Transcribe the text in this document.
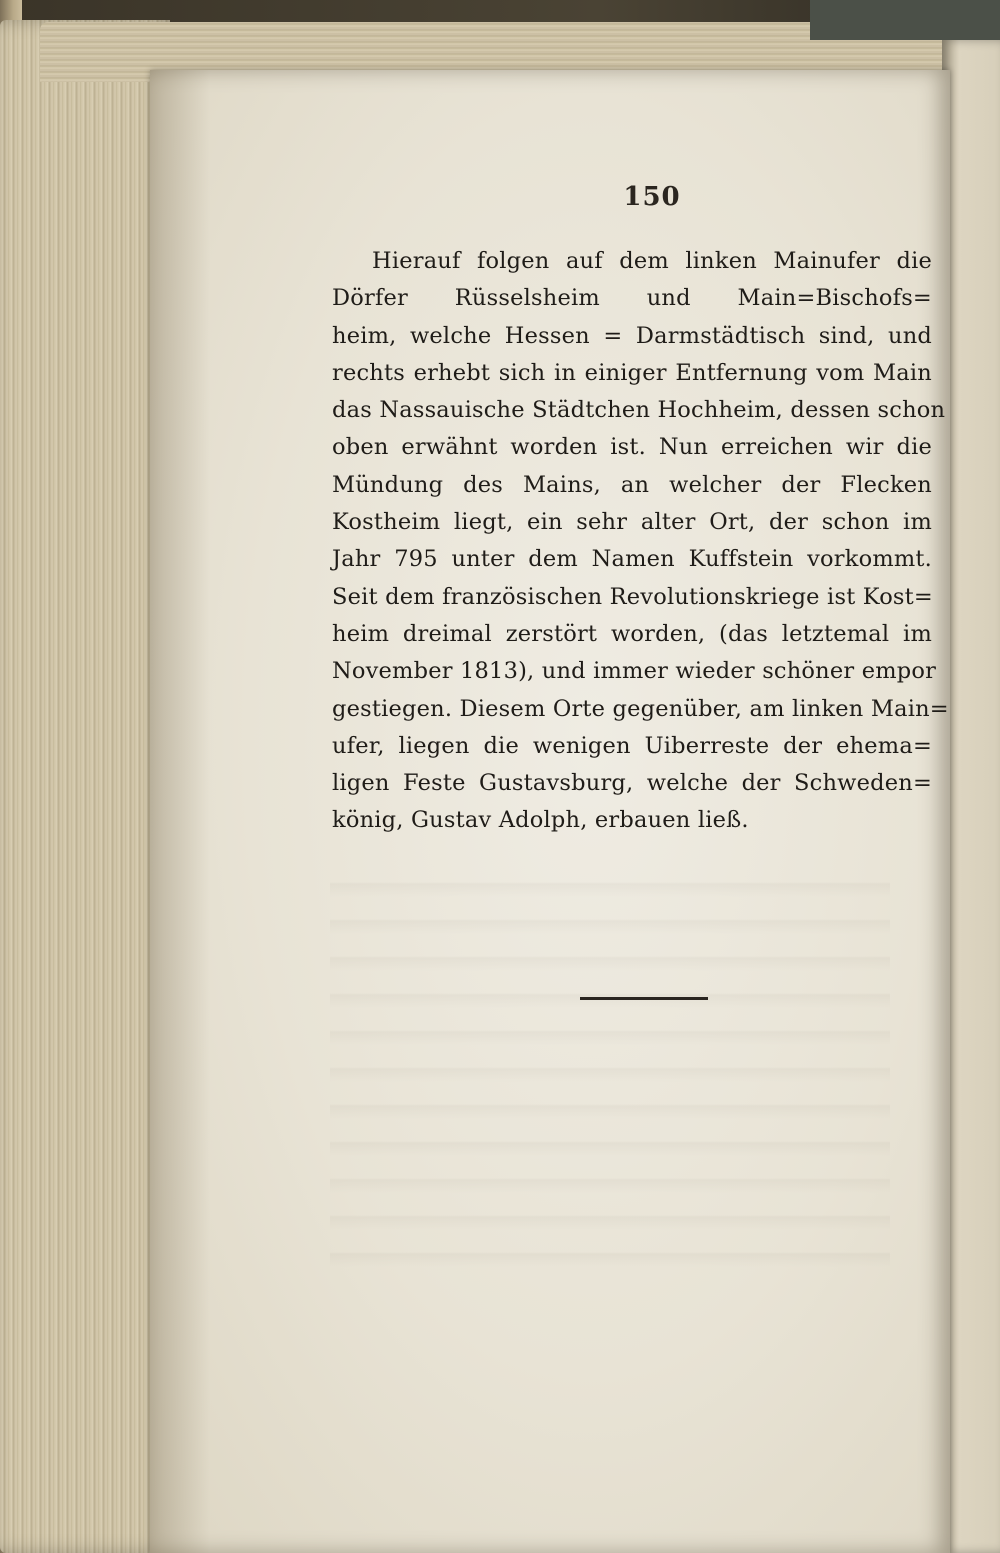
150
Hierauf folgen auf dem linken Mainufer die
Dörfer Rüsselsheim und Main=Bischofs=
heim, welche Hessen = Darmstädtisch sind, und
rechts erhebt sich in einiger Entfernung vom Main
das Nassauische Städtchen Hochheim, dessen schon
oben erwähnt worden ist. Nun erreichen wir die
Mündung des Mains, an welcher der Flecken
Kostheim liegt, ein sehr alter Ort, der schon im
Jahr 795 unter dem Namen Kuffstein vorkommt.
Seit dem französischen Revolutionskriege ist Kost=
heim dreimal zerstört worden, (das letztemal im
November 1813), und immer wieder schöner empor
gestiegen. Diesem Orte gegenüber, am linken Main=
ufer, liegen die wenigen Uiberreste der ehema=
ligen Feste Gustavsburg, welche der Schweden=
könig, Gustav Adolph, erbauen ließ.
